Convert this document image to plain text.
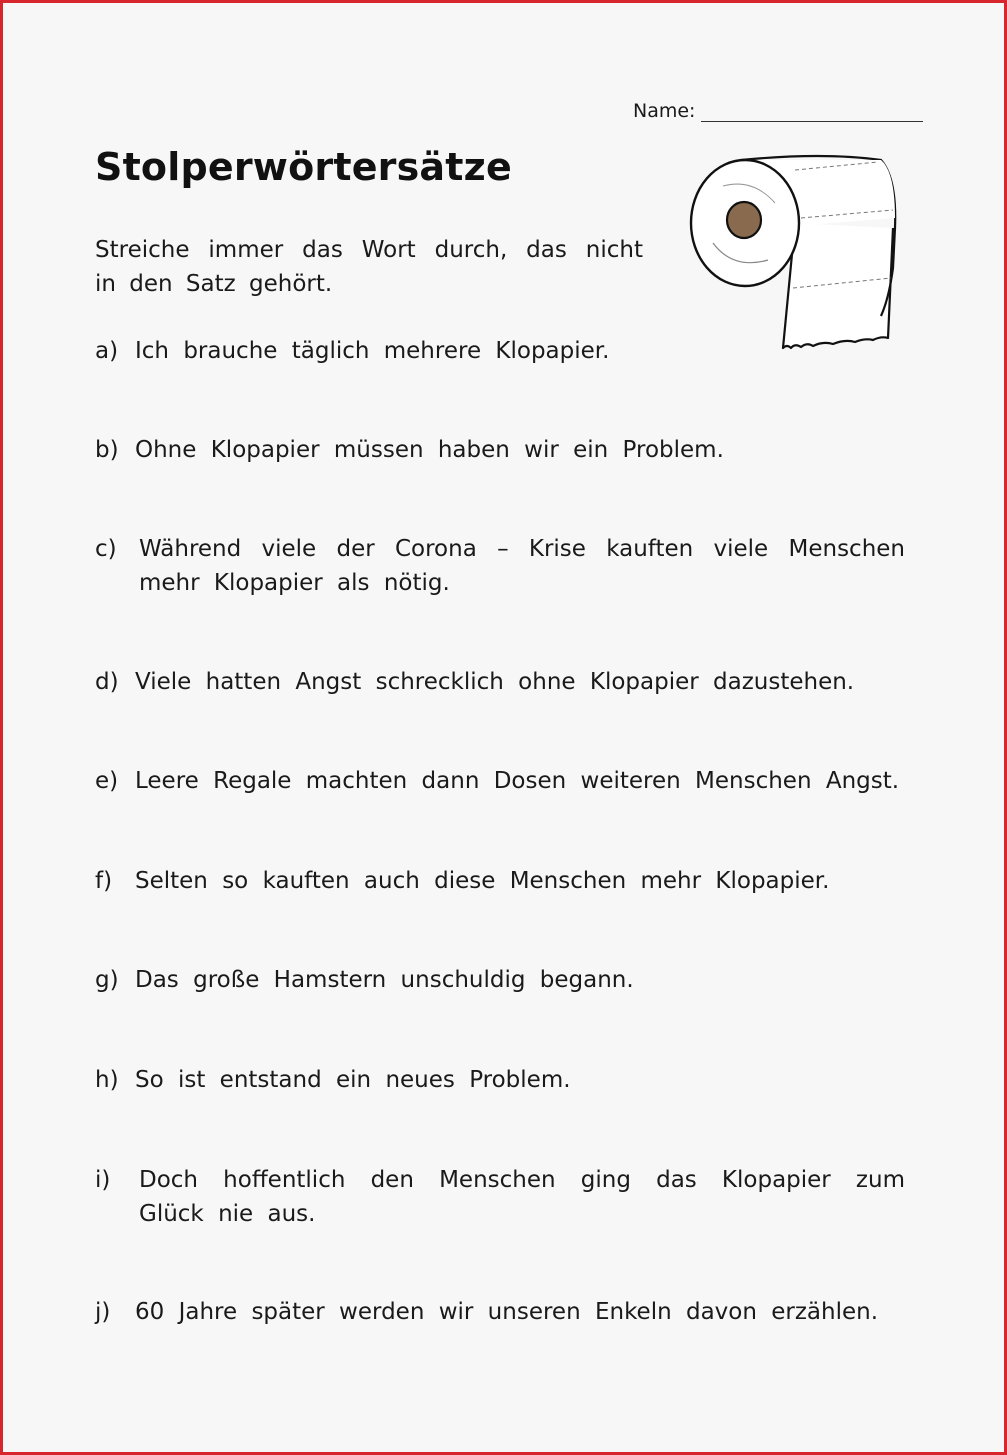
Name:
Stolperwörtersätze
Streiche immer das Wort durch, das nicht in den Satz gehört.
a) Ich brauche täglich mehrere Klopapier.
b) Ohne Klopapier müssen haben wir ein Problem.
c) Während viele der Corona – Krise kauften viele Menschen mehr Klopapier als nötig.
d) Viele hatten Angst schrecklich ohne Klopapier dazustehen.
e) Leere Regale machten dann Dosen weiteren Menschen Angst.
f) Selten so kauften auch diese Menschen mehr Klopapier.
g) Das große Hamstern unschuldig begann.
h) So ist entstand ein neues Problem.
i)	Doch hoffentlich den Menschen ging das Klopapier zum Glück nie aus.
j) 60 Jahre später werden wir unseren Enkeln davon erzählen.
